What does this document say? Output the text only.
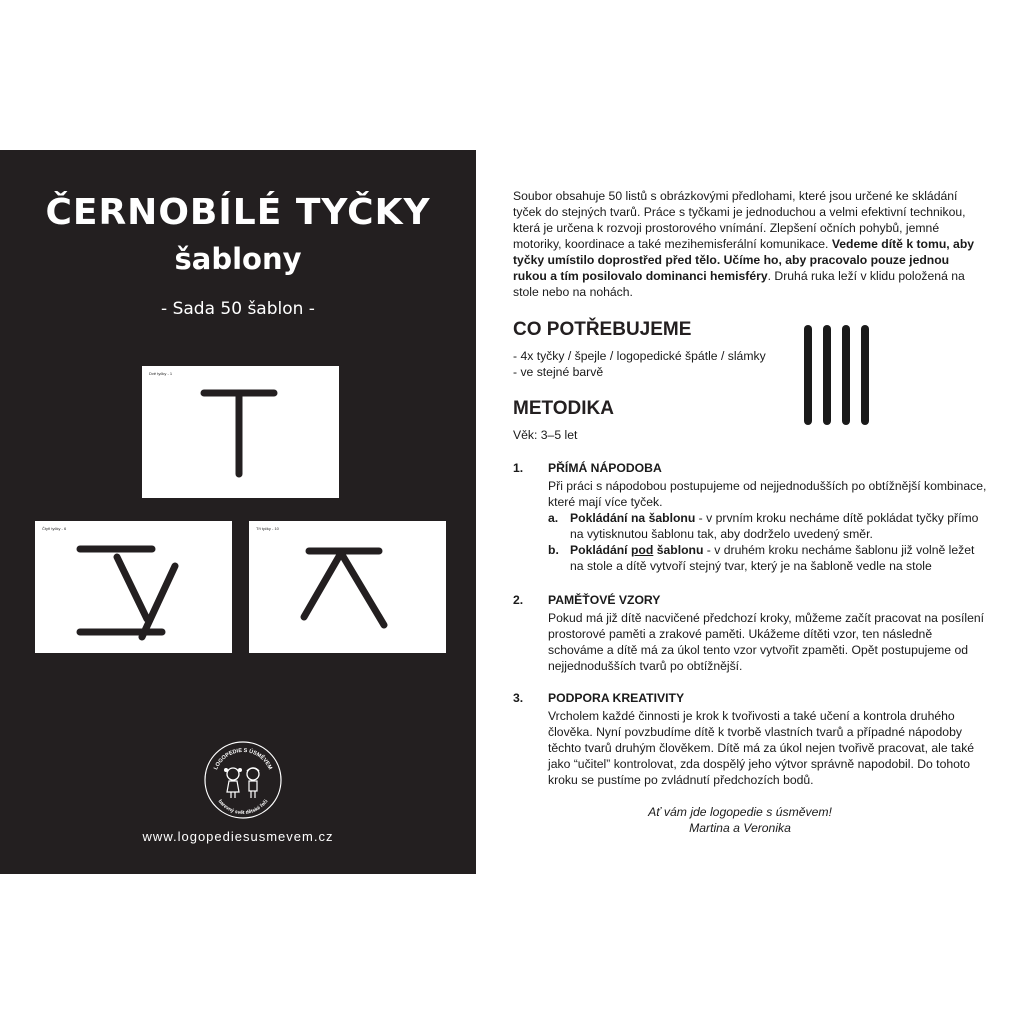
ČERNOBÍLÉ TYČKY
šablony
- Sada 50 šablon -
Dvě tyčky - 1
Čtyři tyčky - 6	Tři tyčky - 10
LOGOPEDIE S ÚSMĚVEM
barevný svět dětské řeči
www.logopediesusmevem.cz

Soubor obsahuje 50 listů s obrázkovými předlohami, které jsou určené ke skládání tyček do stejných tvarů. Práce s tyčkami je jednoduchou a velmi efektivní technikou, která je určena k rozvoji prostorového vnímání. Zlepšení očních pohybů, jemné motoriky, koordinace a také mezihemisferální komunikace. Vedeme dítě k tomu, aby tyčky umístilo doprostřed před tělo. Učíme ho, aby pracovalo pouze jednou rukou a tím posilovalo dominanci hemisféry. Druhá ruka leží v klidu položená na stole nebo na nohách.

CO POTŘEBUJEME
- 4x tyčky / špejle / logopedické špátle / slámky
- ve stejné barvě
METODIKA
Věk: 3–5 let
1. PŘÍMÁ NÁPODOBA
Při práci s nápodobou postupujeme od nejjednodušších po obtížnější kombinace, které mají více tyček.
a. Pokládání na šablonu - v prvním kroku necháme dítě pokládat tyčky přímo na vytisknutou šablonu tak, aby dodrželo uvedený směr.
b. Pokládání pod šablonu - v druhém kroku necháme šablonu již volně ležet na stole a dítě vytvoří stejný tvar, který je na šabloně vedle na stole
2. PAMĚŤOVÉ VZORY
Pokud má již dítě nacvičené předchozí kroky, můžeme začít pracovat na posílení prostorové paměti a zrakové paměti. Ukážeme dítěti vzor, ten následně schováme a dítě má za úkol tento vzor vytvořit zpaměti. Opět postupujeme od nejjednodušších tvarů po obtížnější.
3. PODPORA KREATIVITY
Vrcholem každé činnosti je krok k tvořivosti a také učení a kontrola druhého člověka. Nyní povzbudíme dítě k tvorbě vlastních tvarů a případné nápodoby těchto tvarů druhým člověkem. Dítě má za úkol nejen tvořivě pracovat, ale také jako “učitel” kontrolovat, zda dospělý jeho výtvor správně napodobil. Do tohoto kroku se pustíme po zvládnutí předchozích bodů.
Ať vám jde logopedie s úsměvem!
Martina a Veronika
